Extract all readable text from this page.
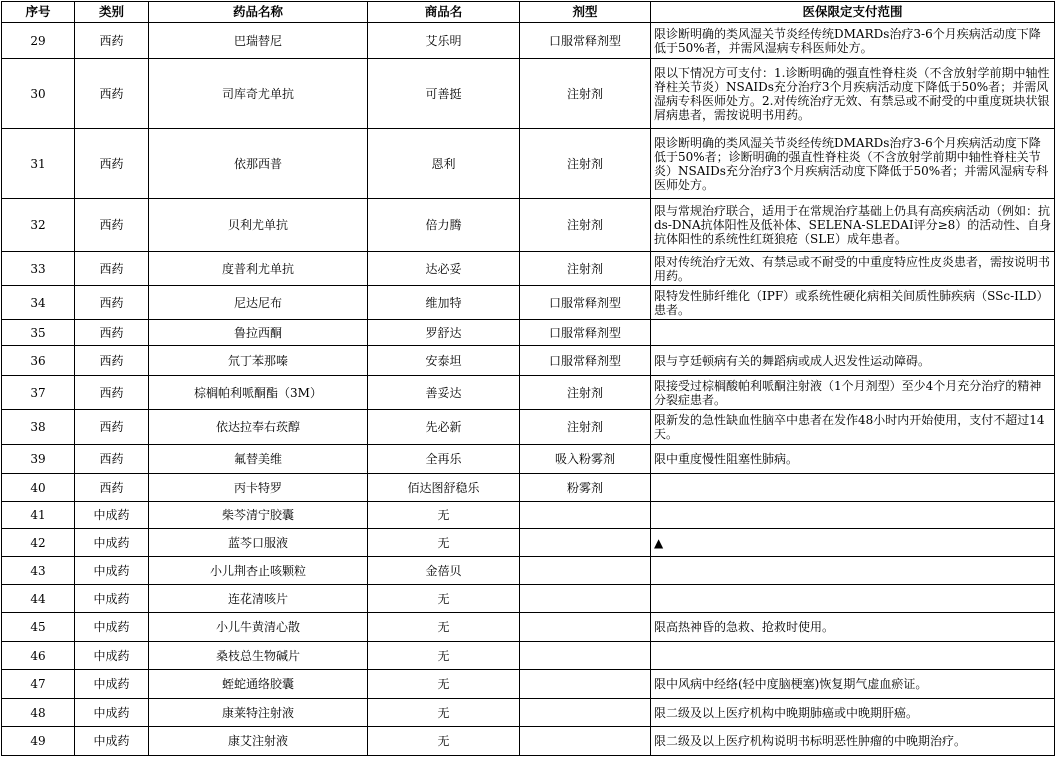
序号	类别	药品名称	商品名	剂型	医保限定支付范围
29	西药	巴瑞替尼	艾乐明	口服常释剂型	限诊断明确的类风湿关节炎经传统DMARDs治疗3-6个月疾病活动度下降低于50%者，并需风湿病专科医师处方。
30	西药	司库奇尤单抗	可善挺	注射剂	限以下情况方可支付：1.诊断明确的强直性脊柱炎（不含放射学前期中轴性脊柱关节炎）NSAIDs充分治疗3个月疾病活动度下降低于50%者；并需风湿病专科医师处方。2.对传统治疗无效、有禁忌或不耐受的中重度斑块状银屑病患者，需按说明书用药。
31	西药	依那西普	恩利	注射剂	限诊断明确的类风湿关节炎经传统DMARDs治疗3-6个月疾病活动度下降低于50%者；诊断明确的强直性脊柱炎（不含放射学前期中轴性脊柱关节炎）NSAIDs充分治疗3个月疾病活动度下降低于50%者；并需风湿病专科医师处方。
32	西药	贝利尤单抗	倍力腾	注射剂	限与常规治疗联合，适用于在常规治疗基础上仍具有高疾病活动（例如：抗ds-DNA抗体阳性及低补体、SELENA-SLEDAI评分≥8）的活动性、自身抗体阳性的系统性红斑狼疮（SLE）成年患者。
33	西药	度普利尤单抗	达必妥	注射剂	限对传统治疗无效、有禁忌或不耐受的中重度特应性皮炎患者，需按说明书用药。
34	西药	尼达尼布	维加特	口服常释剂型	限特发性肺纤维化（IPF）或系统性硬化病相关间质性肺疾病（SSc-ILD）患者。
35	西药	鲁拉西酮	罗舒达	口服常释剂型	
36	西药	氘丁苯那嗪	安泰坦	口服常释剂型	限与亨廷顿病有关的舞蹈病或成人迟发性运动障碍。
37	西药	棕榈帕利哌酮酯（3M）	善妥达	注射剂	限接受过棕榈酸帕利哌酮注射液（1个月剂型）至少4个月充分治疗的精神分裂症患者。
38	西药	依达拉奉右莰醇	先必新	注射剂	限新发的急性缺血性脑卒中患者在发作48小时内开始使用，支付不超过14天。
39	西药	氟替美维	全再乐	吸入粉雾剂	限中重度慢性阻塞性肺病。
40	西药	丙卡特罗	佰达图舒稳乐	粉雾剂	
41	中成药	柴芩清宁胶囊	无		
42	中成药	蓝芩口服液	无		▲
43	中成药	小儿荆杏止咳颗粒	金蓓贝		
44	中成药	连花清咳片	无		
45	中成药	小儿牛黄清心散	无		限高热神昏的急救、抢救时使用。
46	中成药	桑枝总生物碱片	无		
47	中成药	蛭蛇通络胶囊	无		限中风病中经络(轻中度脑梗塞)恢复期气虚血瘀证。
48	中成药	康莱特注射液	无		限二级及以上医疗机构中晚期肺癌或中晚期肝癌。
49	中成药	康艾注射液	无		限二级及以上医疗机构说明书标明恶性肿瘤的中晚期治疗。
